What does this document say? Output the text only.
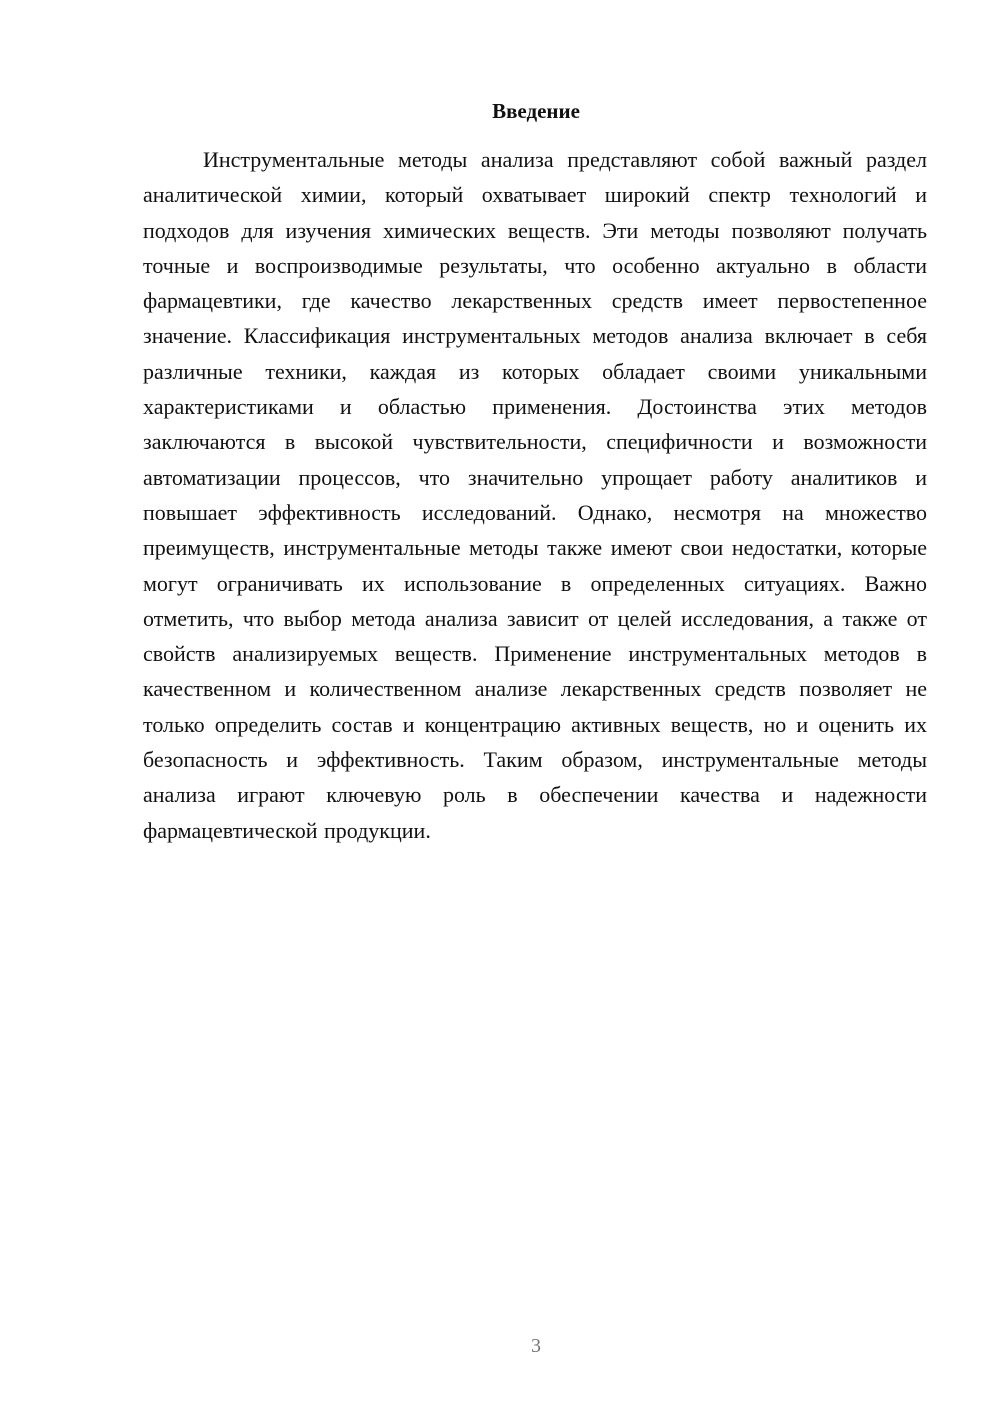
Введение

Инструментальные методы анализа представляют собой важный раздел аналитической химии, который охватывает широкий спектр технологий и подходов для изучения химических веществ. Эти методы позволяют получать точные и воспроизводимые результаты, что особенно актуально в области фармацевтики, где качество лекарственных средств имеет первостепенное значение. Классификация инструментальных методов анализа включает в себя различные техники, каждая из которых обладает своими уникальными характеристиками и областью применения. Достоинства этих методов заключаются в высокой чувствительности, специфичности и возможности автоматизации процессов, что значительно упрощает работу аналитиков и повышает эффективность исследований. Однако, несмотря на множество преимуществ, инструментальные методы также имеют свои недостатки, которые могут ограничивать их использование в определенных ситуациях. Важно отметить, что выбор метода анализа зависит от целей исследования, а также от свойств анализируемых веществ. Применение инструментальных методов в качественном и количественном анализе лекарственных средств позволяет не только определить состав и концентрацию активных веществ, но и оценить их безопасность и эффективность. Таким образом, инструментальные методы анализа играют ключевую роль в обеспечении качества и надежности фармацевтической продукции.

3
